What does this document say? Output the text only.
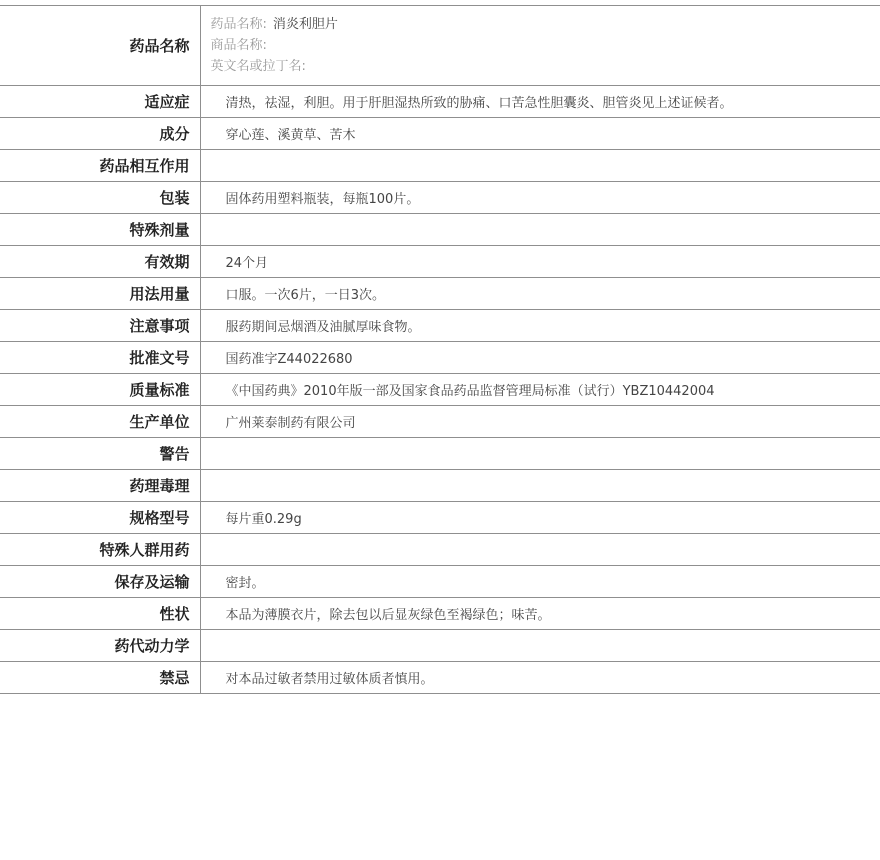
药品名称	药品名称: 消炎利胆片
商品名称:
英文名或拉丁名:

适应症	清热，祛湿，利胆。用于肝胆湿热所致的胁痛、口苦急性胆囊炎、胆管炎见上述证候者。
成分	穿心莲、溪黄草、苦木
药品相互作用	
包装	固体药用塑料瓶装，每瓶100片。
特殊剂量	
有效期	24个月
用法用量	口服。一次6片，一日3次。
注意事项	服药期间忌烟酒及油腻厚味食物。
批准文号	国药准字Z44022680
质量标准	《中国药典》2010年版一部及国家食品药品监督管理局标准（试行）YBZ10442004
生产单位	广州莱泰制药有限公司
警告	
药理毒理	
规格型号	每片重0.29g
特殊人群用药	
保存及运输	密封。
性状	本品为薄膜衣片，除去包以后显灰绿色至褐绿色；味苦。
药代动力学	
禁忌	对本品过敏者禁用过敏体质者慎用。
